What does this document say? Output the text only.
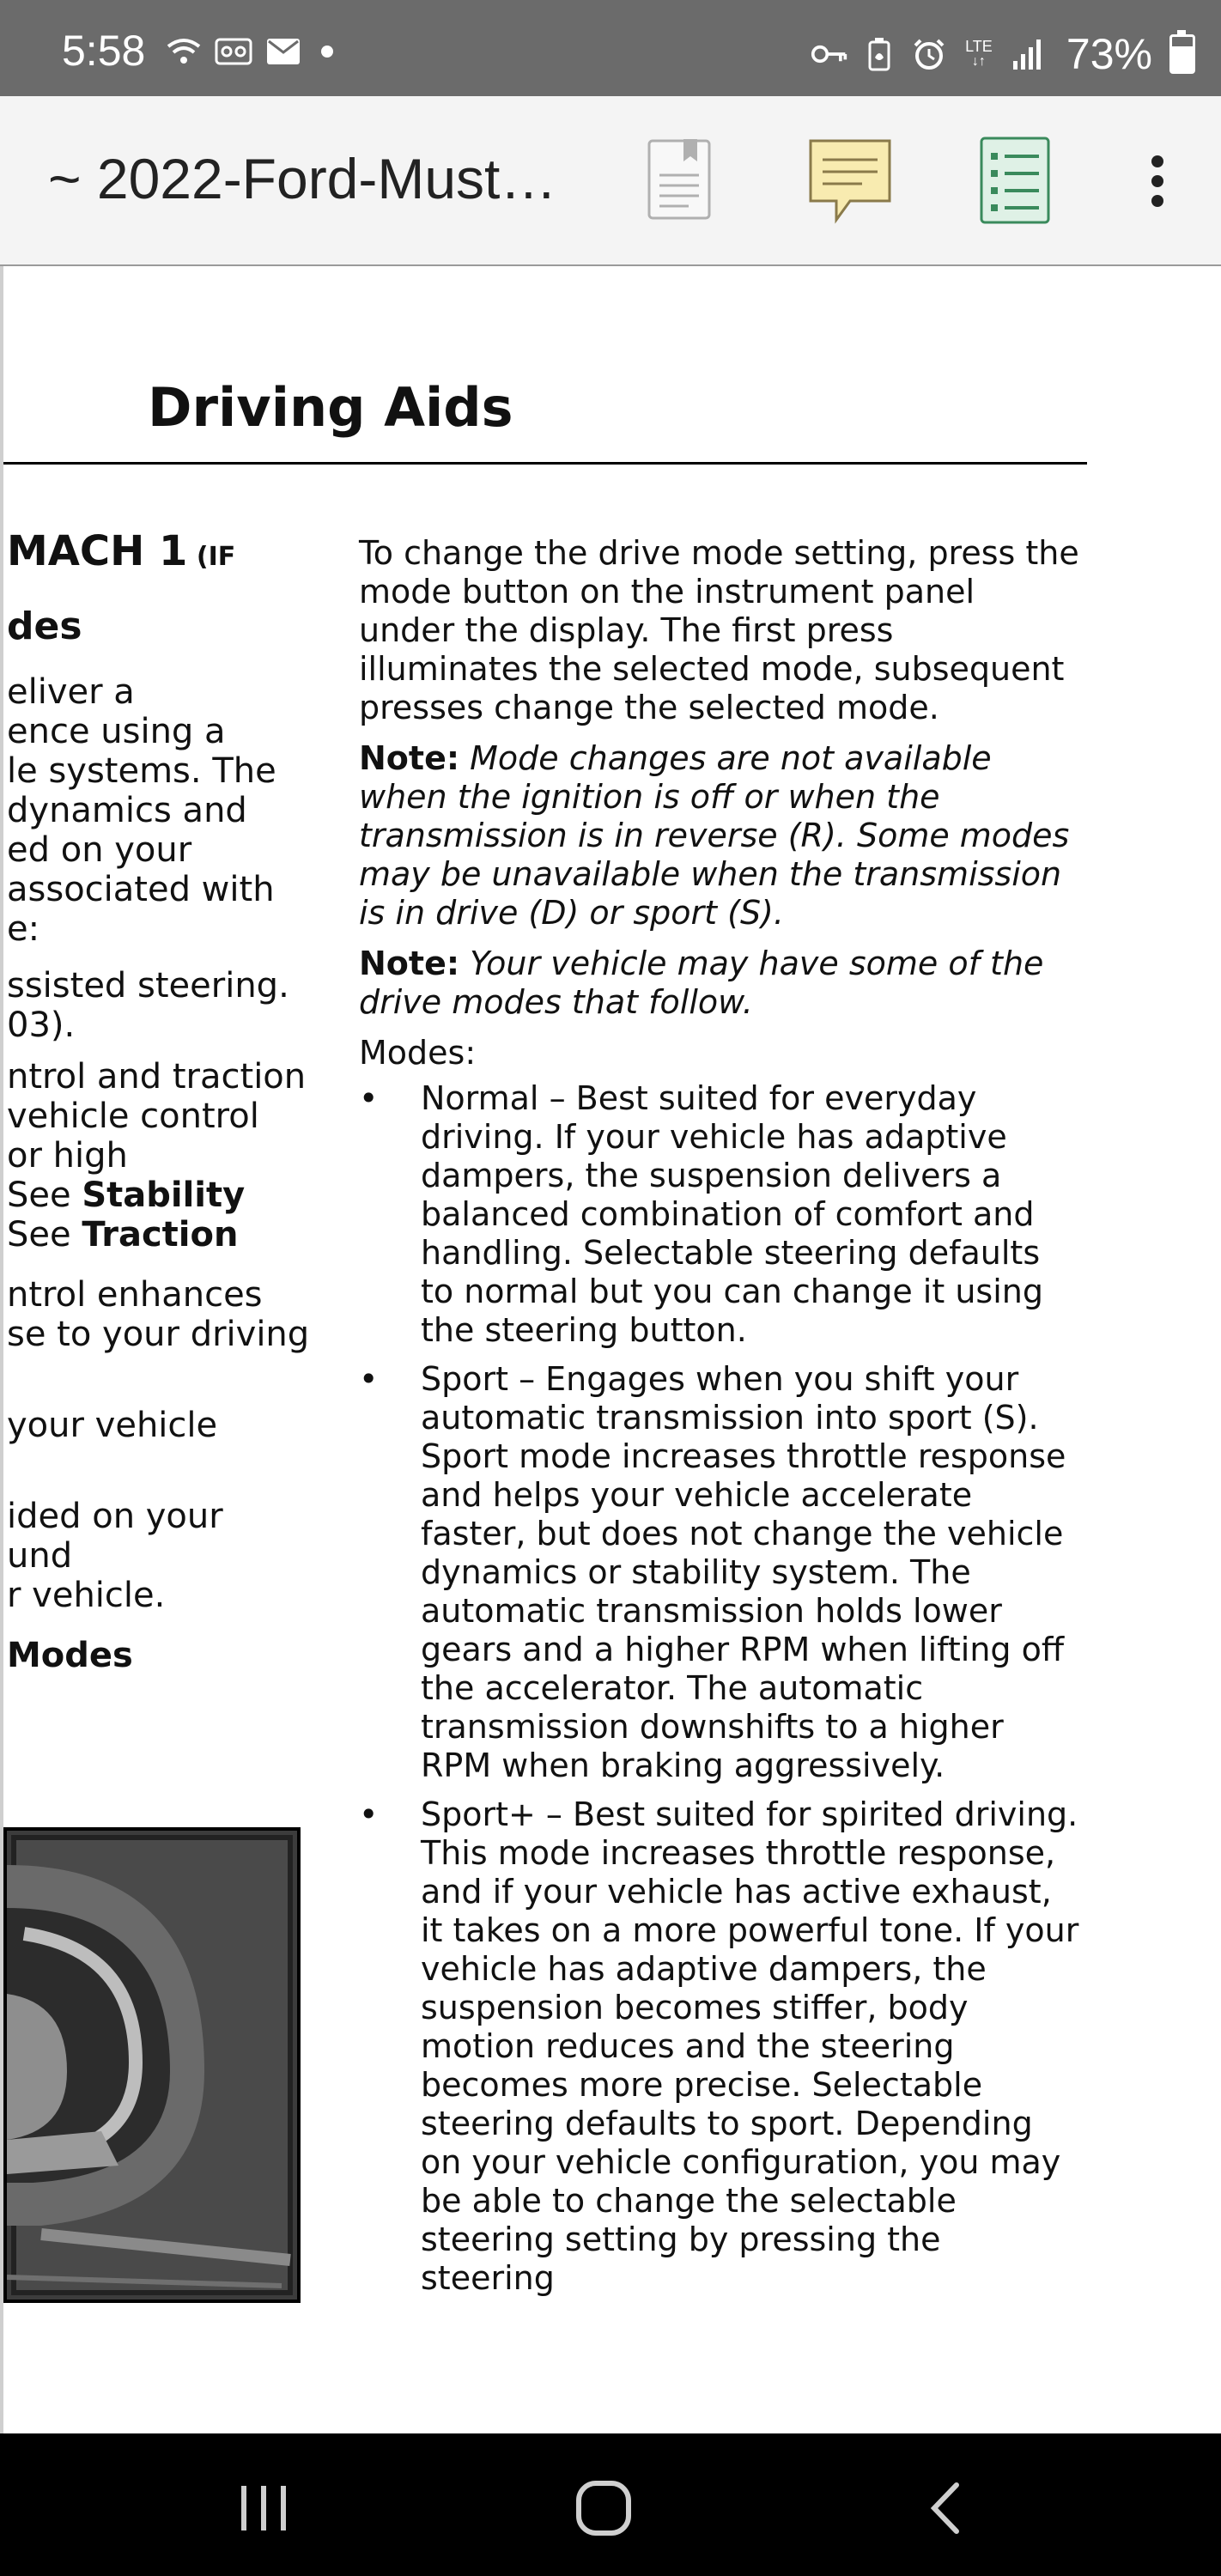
5:58	LTE
↓↑ 73%
~ 2022-Ford-Must…
Driving Aids
MACH 1 (IF
des
eliver a
ence using a
le systems. The
dynamics and
ed on your
associated with
e:
ssisted steering.
03).
ntrol and traction
vehicle control
or high
See Stability
See Traction
ntrol enhances
se to your driving
your vehicle
ided on your
und
r vehicle.
Modes

To change the drive mode setting, press the mode button on the instrument panel under the display. The first press illuminates the selected mode, subsequent presses change the selected mode.

Note: Mode changes are not available when the ignition is off or when the transmission is in reverse (R). Some modes may be unavailable when the transmission is in drive (D) or sport (S).

Note: Your vehicle may have some of the drive modes that follow.

Modes:

•	Normal – Best suited for everyday driving. If your vehicle has adaptive dampers, the suspension delivers a balanced combination of comfort and handling. Selectable steering defaults to normal but you can change it using the steering button.
•	Sport – Engages when you shift your automatic transmission into sport (S). Sport mode increases throttle response and helps your vehicle accelerate faster, but does not change the vehicle dynamics or stability system. The automatic transmission holds lower gears and a higher RPM when lifting off the accelerator. The automatic transmission downshifts to a higher RPM when braking aggressively.
•	Sport+ – Best suited for spirited driving. This mode increases throttle response, and if your vehicle has active exhaust, it takes on a more powerful tone. If your vehicle has adaptive dampers, the suspension becomes stiffer, body motion reduces and the steering becomes more precise. Selectable steering defaults to sport. Depending on your vehicle configuration, you may be able to change the selectable steering setting by pressing the steering
